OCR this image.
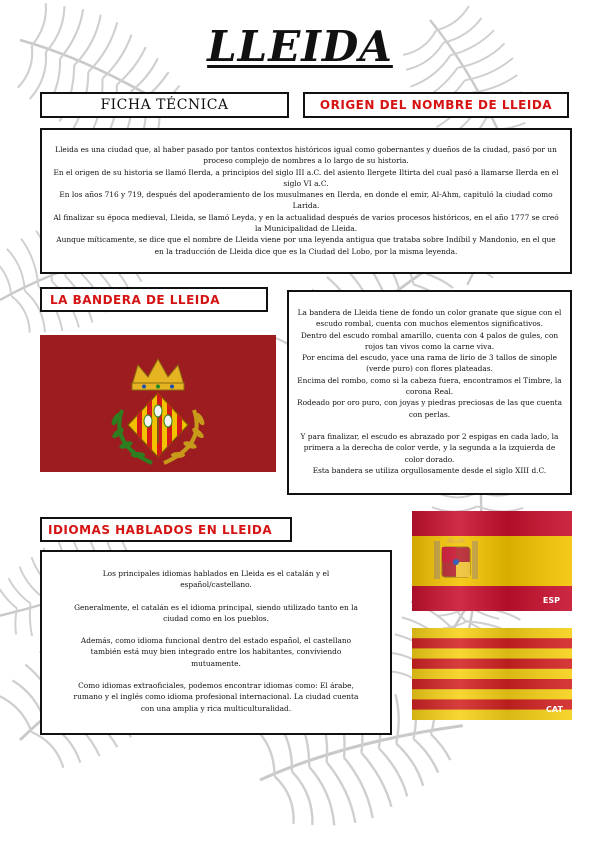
LLEIDA
FICHA TÉCNICA	ORIGEN DEL NOMBRE DE LLEIDA

Lleida es una ciudad que, al haber pasado por tantos contextos históricos igual como gobernantes y dueños de la ciudad, pasó por un proceso complejo de nombres a lo largo de su historia.

En el origen de su historia se llamó Ilerda, a principios del siglo III a.C. del asiento Ilergete Iltirta del cual pasó a llamarse Ilerda en el siglo VI a.C.

En los años 716 y 719, después del apoderamiento de los musulmanes en Ilerda, en donde el emir, Al-Ahm, capituló la ciudad como Larida.

Al finalizar su época medieval, Lleida, se llamó Leyda, y en la actualidad después de varios procesos históricos, en el año 1777 se creó la Municipalidad de Lleida.

Aunque míticamente, se dice que el nombre de Lleida viene por una leyenda antigua que trataba sobre Indíbil y Mandonio, en el que en la traducción de Lleida dice que es la Ciudad del Lobo, por la misma leyenda.

LA BANDERA DE LLEIDA

La bandera de Lleida tiene de fondo un color granate que sigue con el escudo rombal, cuenta con muchos elementos significativos.

Dentro del escudo rombal amarillo, cuenta con 4 palos de gules, con rojos tan vivos como la carne viva.

Por encima del escudo, yace una rama de lirio de 3 tallos de sinople (verde puro) con flores plateadas.

Encima del rombo, como si la cabeza fuera, encontramos el Timbre, la corona Real.

Rodeado por oro puro, con joyas y piedras preciosas de las que cuenta con perlas.

Y para finalizar, el escudo es abrazado por 2 espigas en cada lado, la primera a la derecha de color verde, y la segunda a la izquierda de color dorado.

Esta bandera se utiliza orgullosamente desde el siglo XIII d.C.

IDIOMAS HABLADOS EN LLEIDA

Los principales idiomas hablados en Lleida es el catalán y el español/castellano.

Generalmente, el catalán es el idioma principal, siendo utilizado tanto en la ciudad como en los pueblos.

Además, como idioma funcional dentro del estado español, el castellano también está muy bien integrado entre los habitantes, conviviendo mutuamente.

Como idiomas extraoficiales, podemos encontrar idiomas como: El árabe, rumano y el inglés como idioma profesional internacional. La ciudad cuenta con una amplia y rica multiculturalidad.

ESP
CAT
